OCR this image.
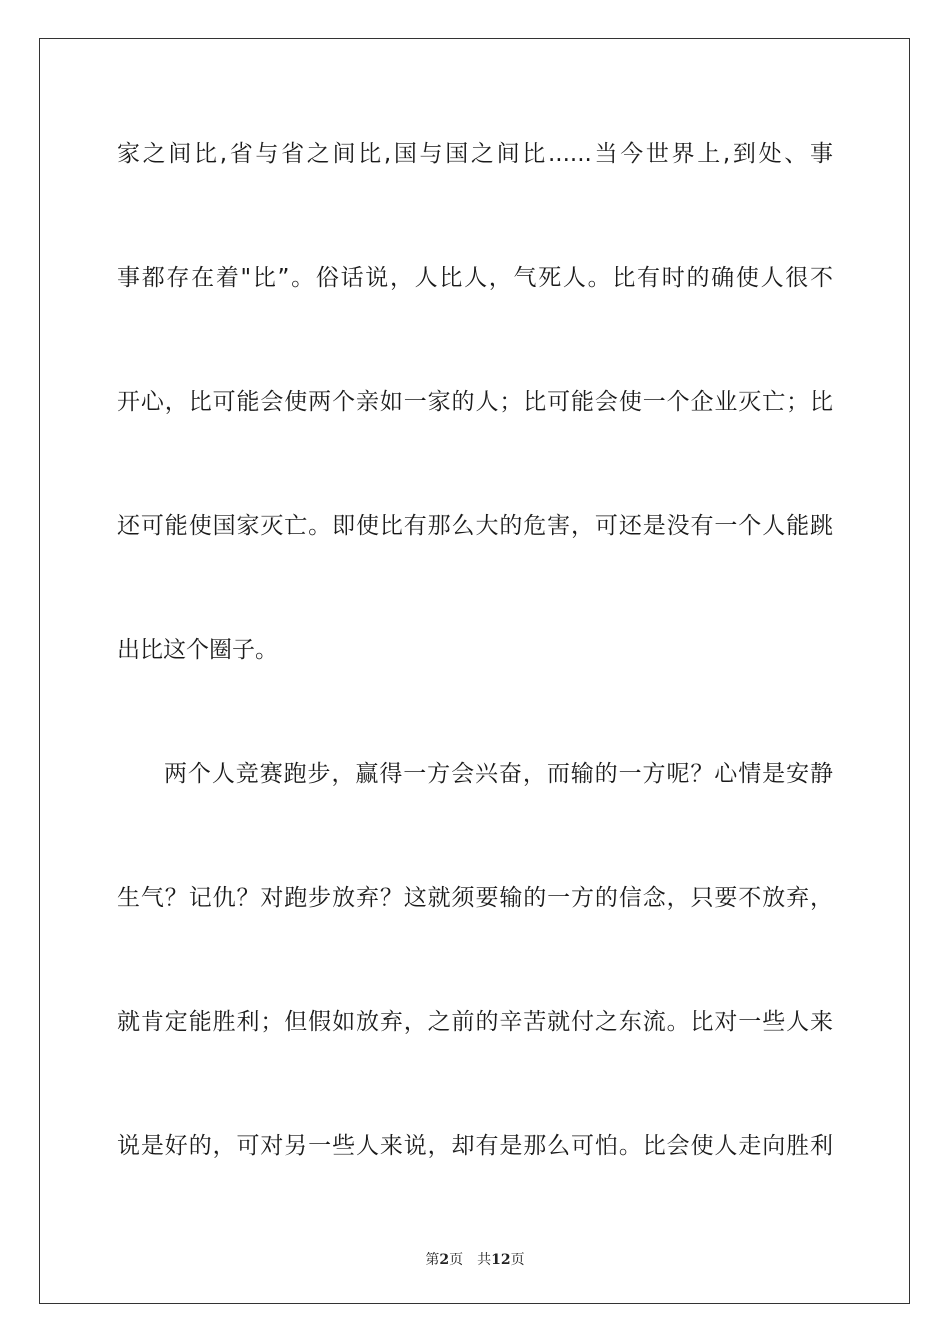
家之间比,省与省之间比,国与国之间比......当今世界上,到处、事
事都存在着"比”。俗话说，人比人，气死人。比有时的确使人很不
开心，比可能会使两个亲如一家的人；比可能会使一个企业灭亡；比
还可能使国家灭亡。即使比有那么大的危害，可还是没有一个人能跳
出比这个圈子。
两个人竞赛跑步，赢得一方会兴奋，而输的一方呢？心情是安静
生气？记仇？对跑步放弃？这就须要输的一方的信念，只要不放弃，
就肯定能胜利；但假如放弃，之前的辛苦就付之东流。比对一些人来
说是好的，可对另一些人来说，却有是那么可怕。比会使人走向胜利
第2页 共12页
